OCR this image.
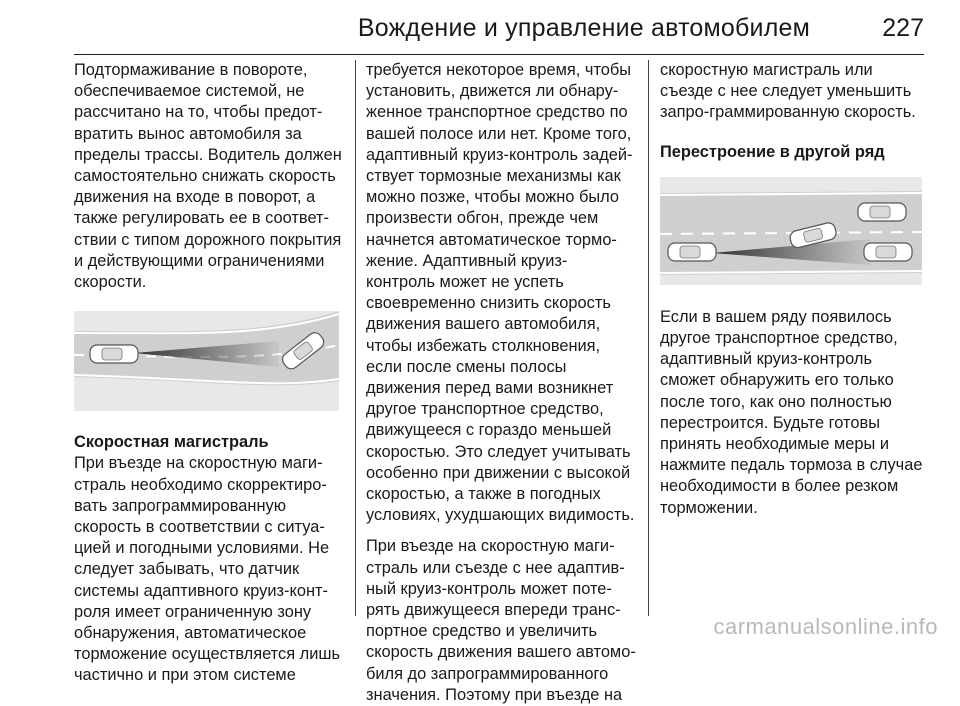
Вождение и управление автомобилем	227

Подтормаживание в повороте, обеспечиваемое системой, не рассчитано на то, чтобы предот-вратить вынос автомобиля за пределы трассы. Водитель должен самостоятельно снижать скорость движения на входе в поворот, а также регулировать ее в соответ-ствии с типом дорожного покрытия и действующими ограничениями скорости.

Скоростная магистраль

При въезде на скоростную маги-страль необходимо скорректиро-вать запрограммированную скорость в соответствии с ситуа-цией и погодными условиями. Не следует забывать, что датчик системы адаптивного круиз-конт-роля имеет ограниченную зону обнаружения, автоматическое торможение осуществляется лишь частично и при этом системе

требуется некоторое время, чтобы установить, движется ли обнару-женное транспортное средство по вашей полосе или нет. Кроме того, адаптивный круиз-контроль задей-ствует тормозные механизмы как можно позже, чтобы можно было произвести обгон, прежде чем начнется автоматическое тормо-жение. Адаптивный круиз-контроль может не успеть своевременно снизить скорость движения вашего автомобиля, чтобы избежать столкновения, если после смены полосы движения перед вами возникнет другое транспортное средство, движущееся с гораздо меньшей скоростью. Это следует учитывать особенно при движении с высокой скоростью, а также в погодных условиях, ухудшающих видимость.

При въезде на скоростную маги-страль или съезде с нее адаптив-ный круиз-контроль может поте-рять движущееся впереди транс-портное средство и увеличить скорость движения вашего автомо-биля до запрограммированного значения. Поэтому при въезде на

скоростную магистраль или съезде с нее следует уменьшить запро-граммированную скорость.

Перестроение в другой ряд

Если в вашем ряду появилось другое транспортное средство, адаптивный круиз-контроль сможет обнаружить его только после того, как оно полностью перестроится. Будьте готовы принять необходимые меры и нажмите педаль тормоза в случае необходимости в более резком торможении.

carmanualsonline.info
